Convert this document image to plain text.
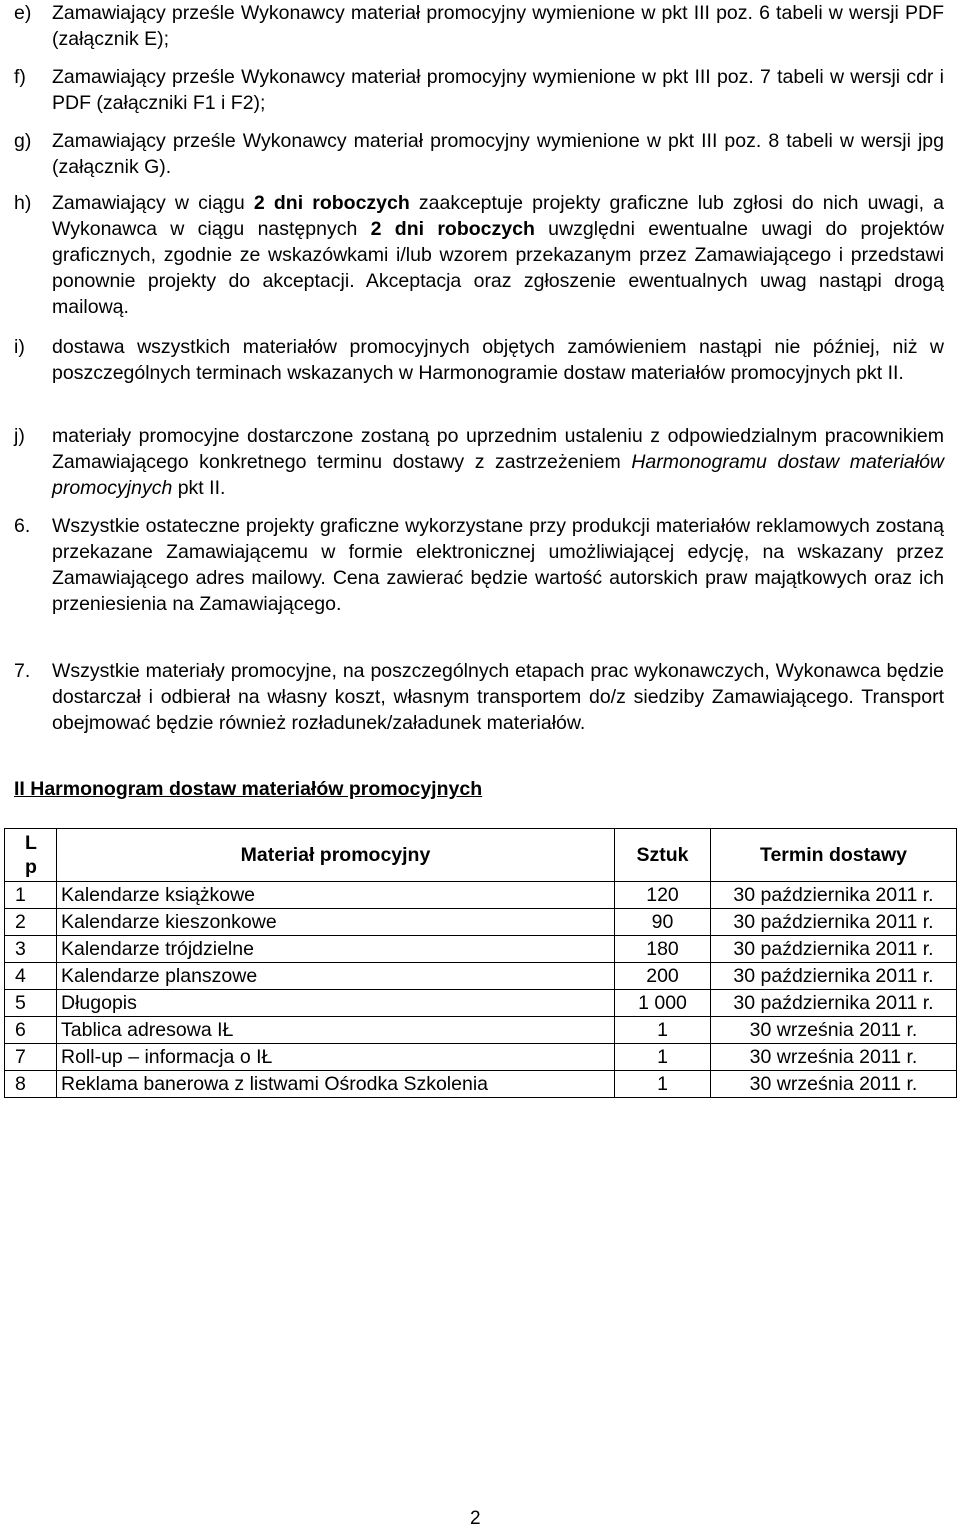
e) Zamawiający prześle Wykonawcy materiał promocyjny wymienione w pkt III poz. 6 tabeli w wersji PDF (załącznik E);
f) Zamawiający prześle Wykonawcy materiał promocyjny wymienione w pkt III poz. 7 tabeli w wersji cdr i PDF (załączniki F1 i F2);
g) Zamawiający prześle Wykonawcy materiał promocyjny wymienione w pkt III poz. 8 tabeli w wersji jpg (załącznik G).
h) Zamawiający w ciągu 2 dni roboczych zaakceptuje projekty graficzne lub zgłosi do nich uwagi, a Wykonawca w ciągu następnych 2 dni roboczych uwzględni ewentualne uwagi do projektów graficznych, zgodnie ze wskazówkami i/lub wzorem przekazanym przez Zamawiającego i przedstawi ponownie projekty do akceptacji. Akceptacja oraz zgłoszenie ewentualnych uwag nastąpi drogą mailową.
i) dostawa wszystkich materiałów promocyjnych objętych zamówieniem nastąpi nie później, niż w poszczególnych terminach wskazanych w Harmonogramie dostaw materiałów promocyjnych pkt II.
j) materiały promocyjne dostarczone zostaną po uprzednim ustaleniu z odpowiedzialnym pracownikiem Zamawiającego konkretnego terminu dostawy z zastrzeżeniem Harmonogramu dostaw materiałów promocyjnych pkt II.
6. Wszystkie ostateczne projekty graficzne wykorzystane przy produkcji materiałów reklamowych zostaną przekazane Zamawiającemu w formie elektronicznej umożliwiającej edycję, na wskazany przez Zamawiającego adres mailowy. Cena zawierać będzie wartość autorskich praw majątkowych oraz ich przeniesienia na Zamawiającego.
7. Wszystkie materiały promocyjne, na poszczególnych etapach prac wykonawczych, Wykonawca będzie dostarczał i odbierał na własny koszt, własnym transportem do/z siedziby Zamawiającego. Transport obejmować będzie również rozładunek/załadunek materiałów.
II Harmonogram dostaw materiałów promocyjnych
L
p	Materiał promocyjny	Sztuk	Termin dostawy
1	Kalendarze książkowe	120	30 października 2011 r.
2	Kalendarze kieszonkowe	90	30 października 2011 r.
3	Kalendarze trójdzielne	180	30 października 2011 r.
4	Kalendarze planszowe	200	30 października 2011 r.
5	Długopis	1 000	30 października 2011 r.
6	Tablica adresowa IŁ	1	30 września 2011 r.
7	Roll-up – informacja o IŁ	1	30 września 2011 r.
8	Reklama banerowa z listwami Ośrodka Szkolenia	1	30 września 2011 r.
2
